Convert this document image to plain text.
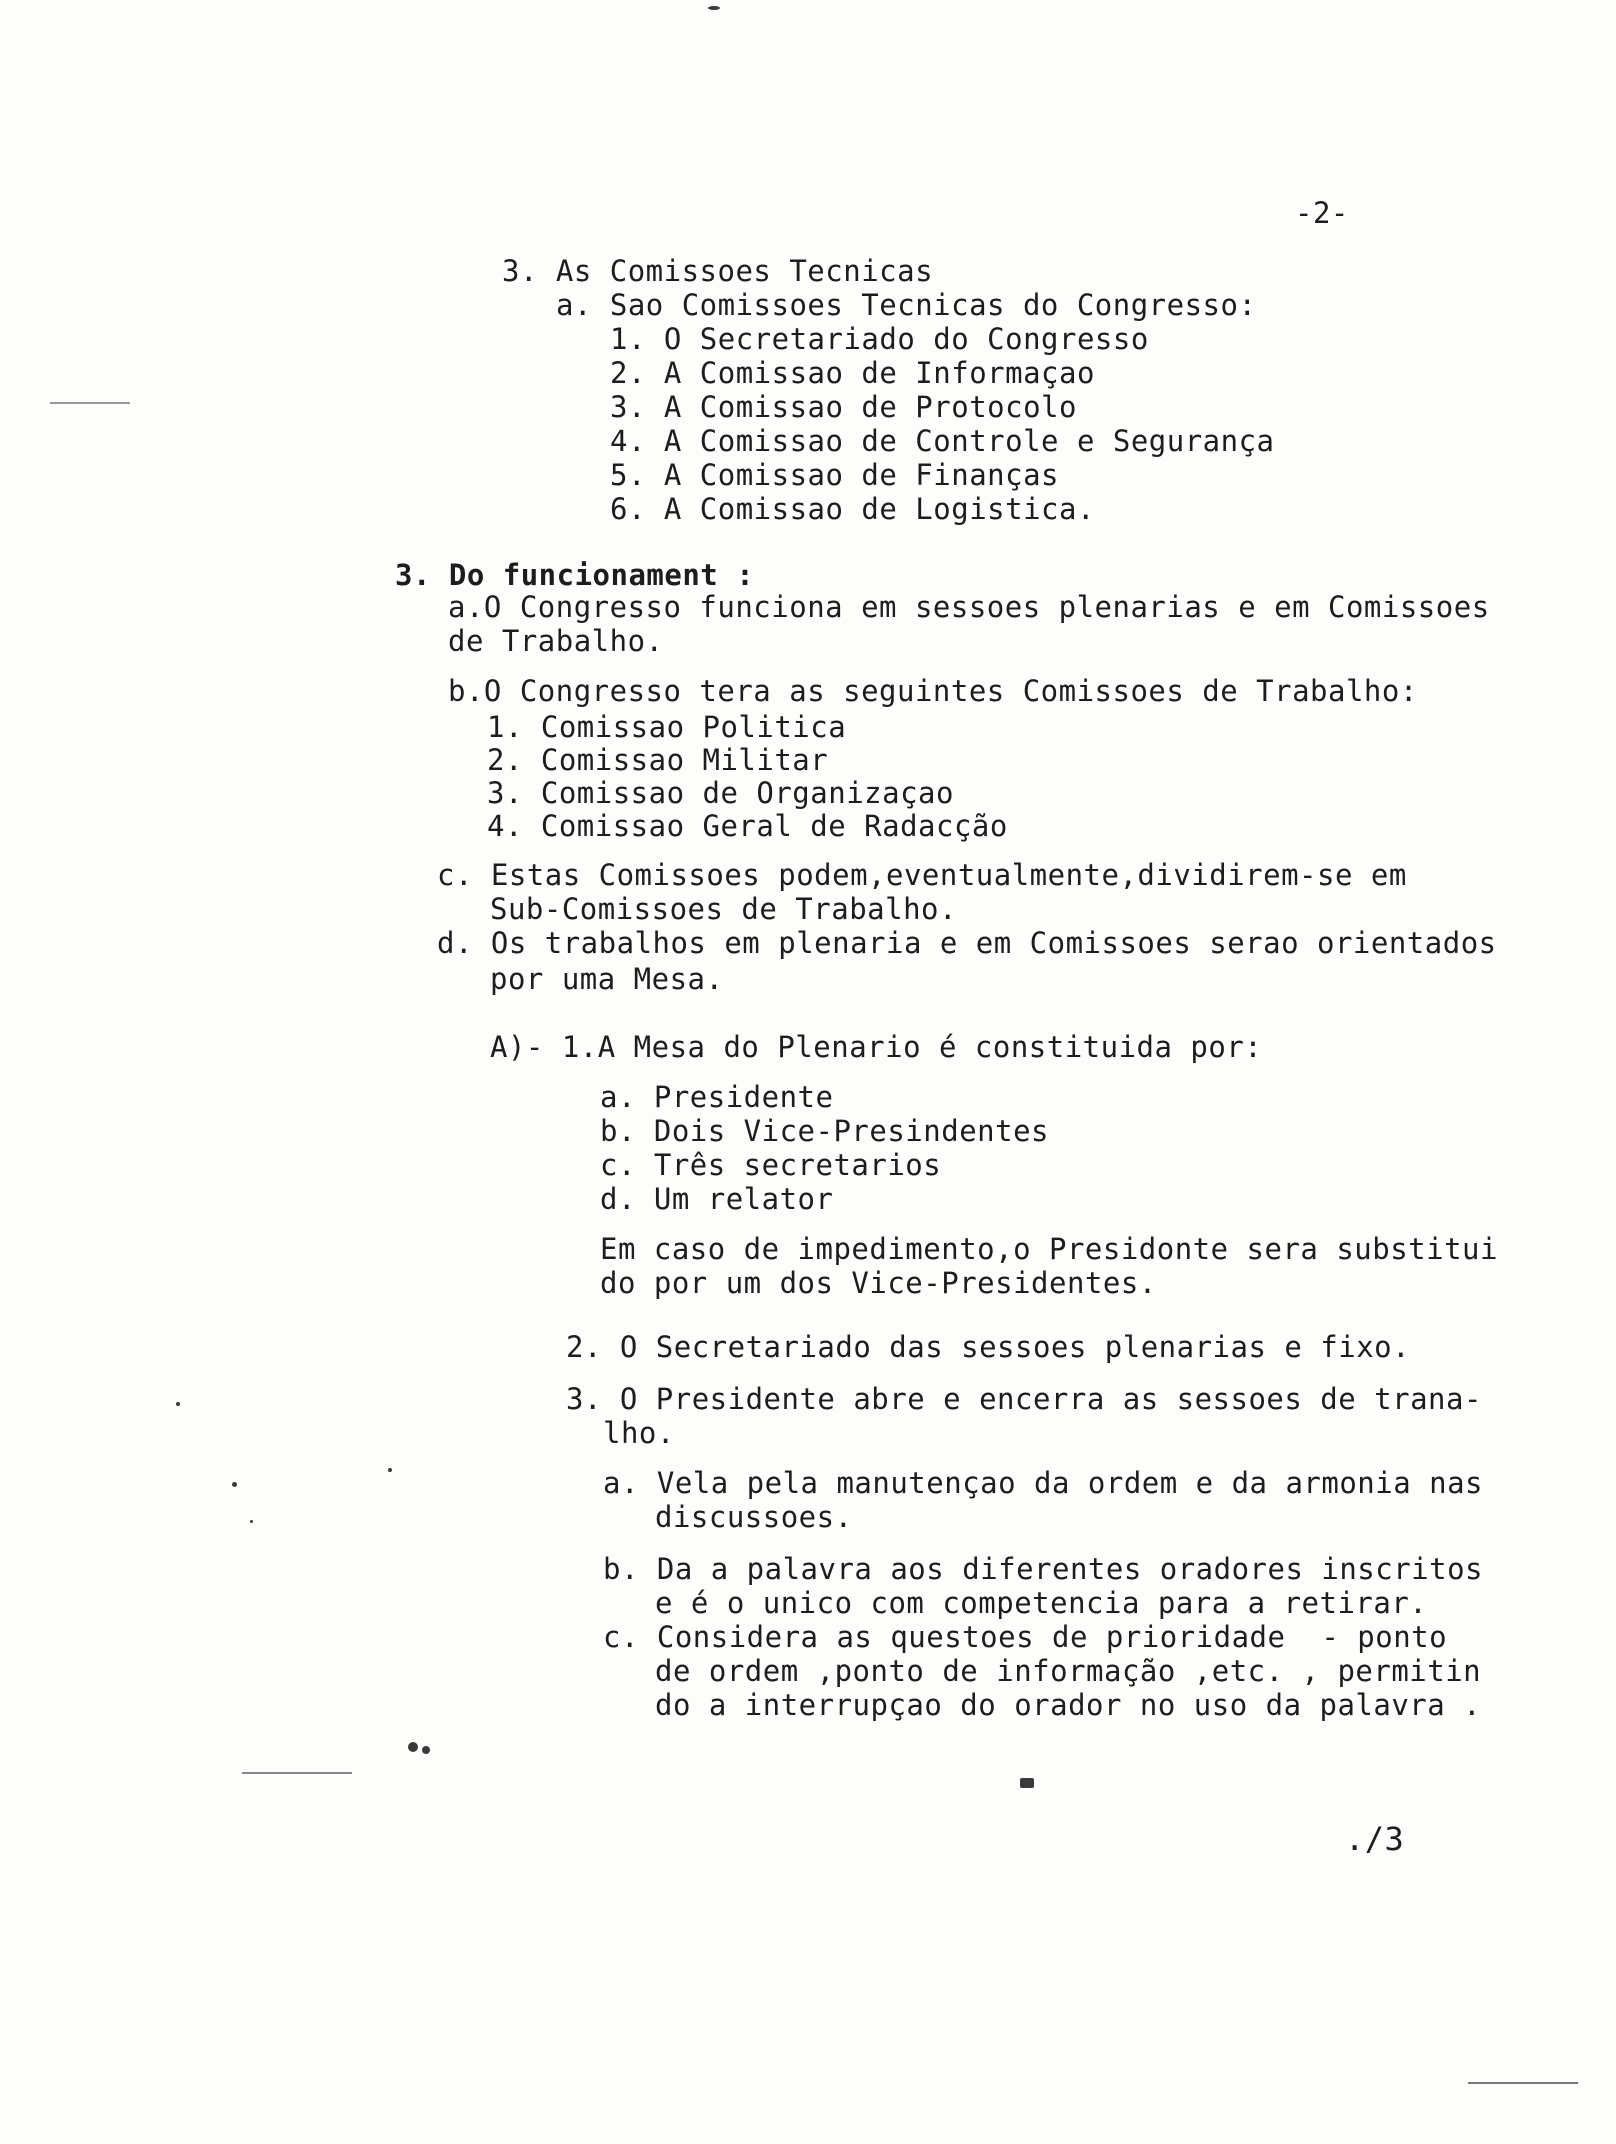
-2-
3. As Comissoes Tecnicas
a. Sao Comissoes Tecnicas do Congresso:
1. O Secretariado do Congresso
2. A Comissao de Informaçao
3. A Comissao de Protocolo
4. A Comissao de Controle e Segurança
5. A Comissao de Finanças
6. A Comissao de Logistica.
3. Do funcionament :
a.O Congresso funciona em sessoes plenarias e em Comissoes
de Trabalho.
b.O Congresso tera as seguintes Comissoes de Trabalho:
1. Comissao Politica
2. Comissao Militar
3. Comissao de Organizaçao
4. Comissao Geral de Radacção
c. Estas Comissoes podem,eventualmente,dividirem-se em
Sub-Comissoes de Trabalho.
d. Os trabalhos em plenaria e em Comissoes serao orientados
por uma Mesa.
A)- 1.A Mesa do Plenario é constituida por:
a. Presidente
b. Dois Vice-Presindentes
c. Três secretarios
d. Um relator
Em caso de impedimento,o Presidonte sera substitui
do por um dos Vice-Presidentes.
2. O Secretariado das sessoes plenarias e fixo.
3. O Presidente abre e encerra as sessoes de trana-
lho.
a. Vela pela manutençao da ordem e da armonia nas
discussoes.
b. Da a palavra aos diferentes oradores inscritos
e é o unico com competencia para a retirar.
c. Considera as questoes de prioridade  - ponto
de ordem ,ponto de informação ,etc. , permitin
do a interrupçao do orador no uso da palavra .
./3
